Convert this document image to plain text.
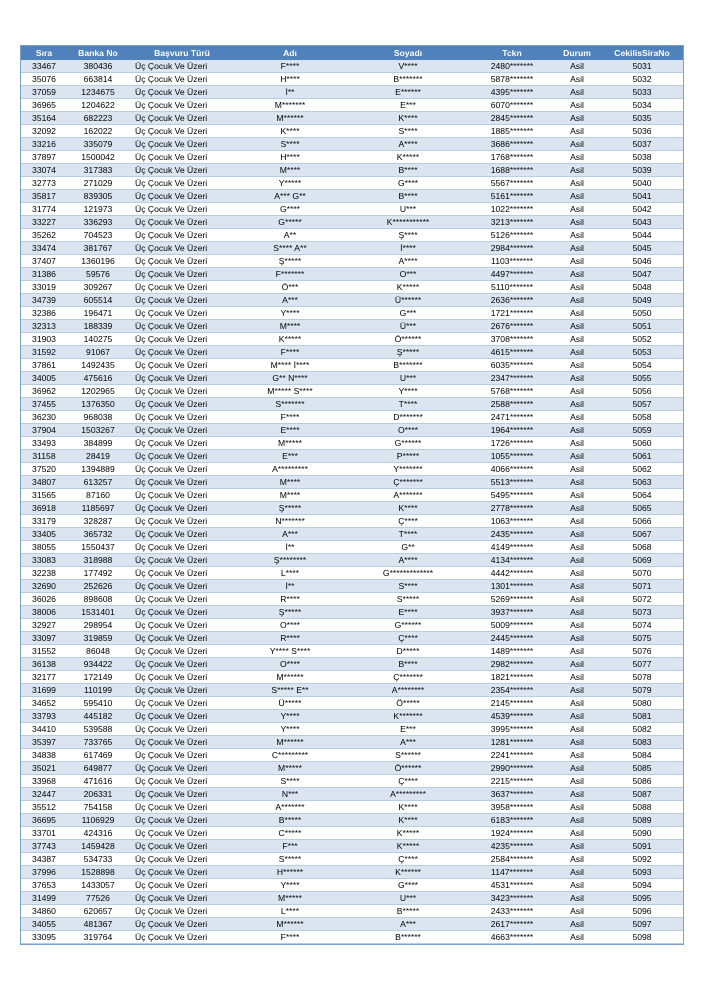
Sıra	Banka No	Başvuru Türü	Adı	Soyadı	Tckn	Durum	CekilisSiraNo
33467	380436	Üç Çocuk Ve Üzeri	F****	V****	2480*******	Asil	5031
35076	663814	Üç Çocuk Ve Üzeri	H****	B*******	5878*******	Asil	5032
37059	1234675	Üç Çocuk Ve Üzeri	İ**	E******	4395*******	Asil	5033
36965	1204622	Üç Çocuk Ve Üzeri	M*******	E***	6070*******	Asil	5034
35164	682223	Üç Çocuk Ve Üzeri	M******	K****	2845*******	Asil	5035
32092	162022	Üç Çocuk Ve Üzeri	K****	S****	1885*******	Asil	5036
33216	335079	Üç Çocuk Ve Üzeri	S****	A****	3686*******	Asil	5037
37897	1500042	Üç Çocuk Ve Üzeri	H****	K*****	1768*******	Asil	5038
33074	317383	Üç Çocuk Ve Üzeri	M****	B****	1688*******	Asil	5039
32773	271029	Üç Çocuk Ve Üzeri	Y*****	G****	5567*******	Asil	5040
35817	839305	Üç Çocuk Ve Üzeri	A*** G**	B****	5161*******	Asil	5041
31774	121973	Üç Çocuk Ve Üzeri	G****	U***	1022*******	Asil	5042
33227	336293	Üç Çocuk Ve Üzeri	G*****	K***********	3213*******	Asil	5043
35262	704523	Üç Çocuk Ve Üzeri	A**	Ş****	5126*******	Asil	5044
33474	381767	Üç Çocuk Ve Üzeri	S**** A**	İ****	2984*******	Asil	5045
37407	1360196	Üç Çocuk Ve Üzeri	Ş*****	A****	1103*******	Asil	5046
31386	59576	Üç Çocuk Ve Üzeri	F*******	O***	4497*******	Asil	5047
33019	309267	Üç Çocuk Ve Üzeri	Ö***	K*****	5110*******	Asil	5048
34739	605514	Üç Çocuk Ve Üzeri	A***	Ü******	2636*******	Asil	5049
32386	196471	Üç Çocuk Ve Üzeri	Y****	G***	1721*******	Asil	5050
32313	188339	Üç Çocuk Ve Üzeri	M****	Ü***	2676*******	Asil	5051
31903	140275	Üç Çocuk Ve Üzeri	K*****	Ö******	3708*******	Asil	5052
31592	91067	Üç Çocuk Ve Üzeri	F****	Ş*****	4615*******	Asil	5053
37861	1492435	Üç Çocuk Ve Üzeri	M**** İ****	B*******	6035*******	Asil	5054
34005	475616	Üç Çocuk Ve Üzeri	G** N****	U***	2347*******	Asil	5055
36962	1202965	Üç Çocuk Ve Üzeri	M***** S****	Y****	5768*******	Asil	5056
37455	1376350	Üç Çocuk Ve Üzeri	S*******	T****	2588*******	Asil	5057
36230	968038	Üç Çocuk Ve Üzeri	F****	D*******	2471*******	Asil	5058
37904	1503267	Üç Çocuk Ve Üzeri	E****	O****	1964*******	Asil	5059
33493	384899	Üç Çocuk Ve Üzeri	M*****	G******	1726*******	Asil	5060
31158	28419	Üç Çocuk Ve Üzeri	E***	P*****	1055*******	Asil	5061
37520	1394889	Üç Çocuk Ve Üzeri	A*********	Y*******	4066*******	Asil	5062
34807	613257	Üç Çocuk Ve Üzeri	M****	Ç*******	5513*******	Asil	5063
31565	87160	Üç Çocuk Ve Üzeri	M****	A*******	5495*******	Asil	5064
36918	1185697	Üç Çocuk Ve Üzeri	Ş*****	K****	2778*******	Asil	5065
33179	328287	Üç Çocuk Ve Üzeri	N*******	Ç****	1063*******	Asil	5066
33405	365732	Üç Çocuk Ve Üzeri	A***	T****	2435*******	Asil	5067
38055	1550437	Üç Çocuk Ve Üzeri	İ**	G**	4149*******	Asil	5068
33083	318988	Üç Çocuk Ve Üzeri	Ş********	A****	4134*******	Asil	5069
32238	177492	Üç Çocuk Ve Üzeri	L****	G*************	4442*******	Asil	5070
32690	252626	Üç Çocuk Ve Üzeri	İ**	S****	1301*******	Asil	5071
36026	898608	Üç Çocuk Ve Üzeri	R****	S*****	5269*******	Asil	5072
38006	1531401	Üç Çocuk Ve Üzeri	Ş*****	E****	3937*******	Asil	5073
32927	298954	Üç Çocuk Ve Üzeri	O****	G******	5009*******	Asil	5074
33097	319859	Üç Çocuk Ve Üzeri	R****	Ç****	2445*******	Asil	5075
31552	86048	Üç Çocuk Ve Üzeri	Y**** S****	D*****	1489*******	Asil	5076
36138	934422	Üç Çocuk Ve Üzeri	O****	B****	2982*******	Asil	5077
32177	172149	Üç Çocuk Ve Üzeri	M******	Ç*******	1821*******	Asil	5078
31699	110199	Üç Çocuk Ve Üzeri	S***** E**	A********	2354*******	Asil	5079
34652	595410	Üç Çocuk Ve Üzeri	Ü*****	Ö*****	2145*******	Asil	5080
33793	445182	Üç Çocuk Ve Üzeri	Y****	K*******	4539*******	Asil	5081
34410	539588	Üç Çocuk Ve Üzeri	Y****	E***	3995*******	Asil	5082
35397	733765	Üç Çocuk Ve Üzeri	M******	A***	1281*******	Asil	5083
34838	617469	Üç Çocuk Ve Üzeri	C*********	S******	2241*******	Asil	5084
35021	649877	Üç Çocuk Ve Üzeri	M*****	Ö******	2990*******	Asil	5085
33968	471616	Üç Çocuk Ve Üzeri	S****	Ç****	2215*******	Asil	5086
32447	206331	Üç Çocuk Ve Üzeri	N***	A*********	3637*******	Asil	5087
35512	754158	Üç Çocuk Ve Üzeri	A*******	K****	3958*******	Asil	5088
36695	1106929	Üç Çocuk Ve Üzeri	B*****	K****	6183*******	Asil	5089
33701	424316	Üç Çocuk Ve Üzeri	C*****	K*****	1924*******	Asil	5090
37743	1459428	Üç Çocuk Ve Üzeri	F***	K*****	4235*******	Asil	5091
34387	534733	Üç Çocuk Ve Üzeri	S*****	Ç****	2584*******	Asil	5092
37996	1528898	Üç Çocuk Ve Üzeri	H******	K******	1147*******	Asil	5093
37653	1433057	Üç Çocuk Ve Üzeri	Y****	G****	4531*******	Asil	5094
31499	77526	Üç Çocuk Ve Üzeri	M*****	U***	3423*******	Asil	5095
34860	620657	Üç Çocuk Ve Üzeri	L****	B*****	2433*******	Asil	5096
34055	481367	Üç Çocuk Ve Üzeri	M******	A***	2617*******	Asil	5097
33095	319764	Üç Çocuk Ve Üzeri	F****	B******	4663*******	Asil	5098
